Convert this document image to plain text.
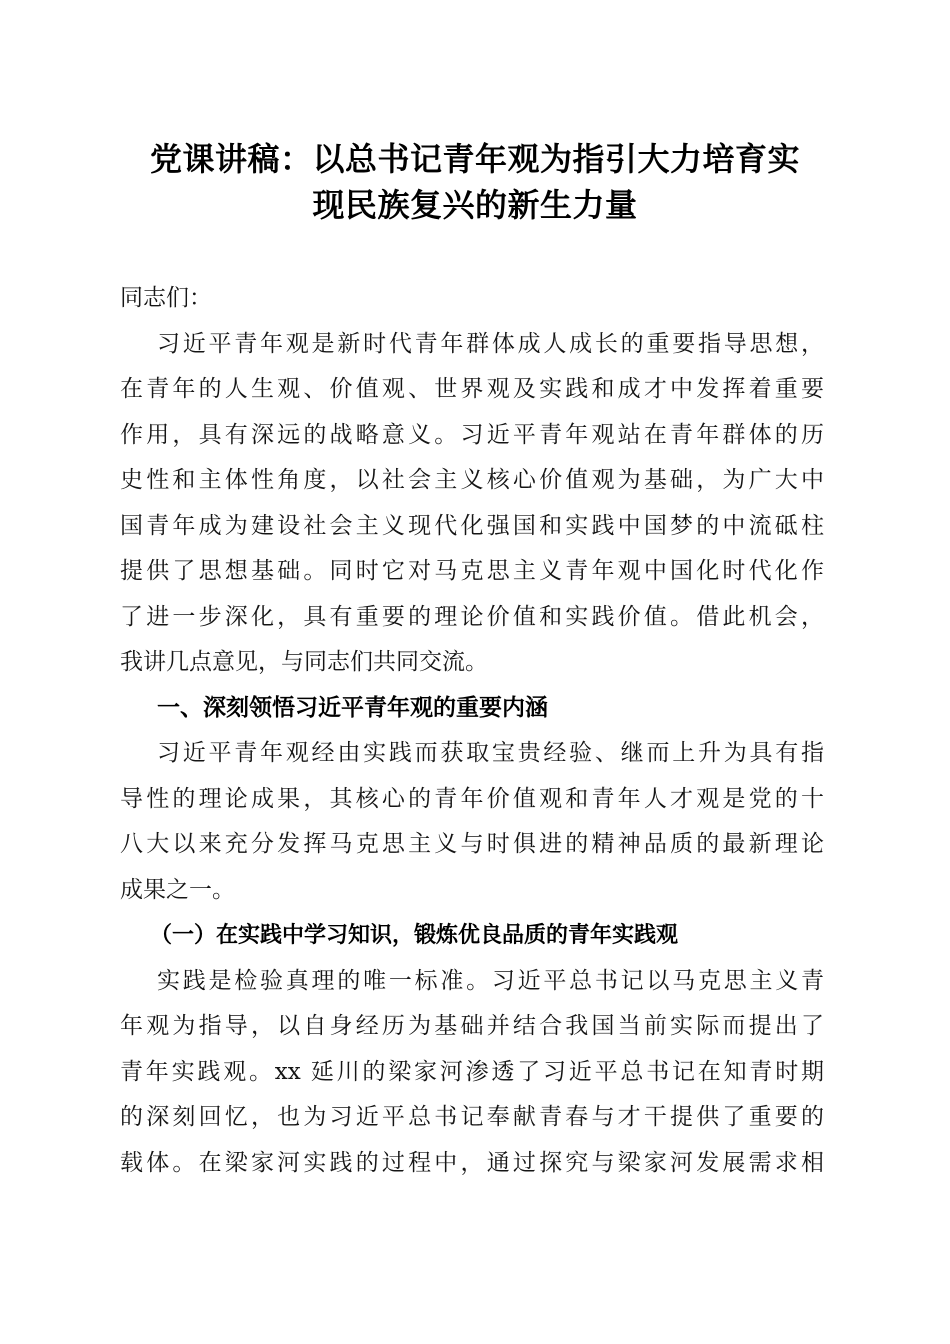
党课讲稿：以总书记青年观为指引大力培育实
现民族复兴的新生力量
同志们：
习近平青年观是新时代青年群体成人成长的重要指导思想，
在青年的人生观、价值观、世界观及实践和成才中发挥着重要
作用，具有深远的战略意义。习近平青年观站在青年群体的历
史性和主体性角度，以社会主义核心价值观为基础，为广大中
国青年成为建设社会主义现代化强国和实践中国梦的中流砥柱
提供了思想基础。同时它对马克思主义青年观中国化时代化作
了进一步深化，具有重要的理论价值和实践价值。借此机会，
我讲几点意见，与同志们共同交流。
一、深刻领悟习近平青年观的重要内涵
习近平青年观经由实践而获取宝贵经验、继而上升为具有指
导性的理论成果，其核心的青年价值观和青年人才观是党的十
八大以来充分发挥马克思主义与时俱进的精神品质的最新理论
成果之一。
（一）在实践中学习知识，锻炼优良品质的青年实践观
实践是检验真理的唯一标准。习近平总书记以马克思主义青
年观为指导，以自身经历为基础并结合我国当前实际而提出了
青年实践观。xx 延川的梁家河渗透了习近平总书记在知青时期
的深刻回忆，也为习近平总书记奉献青春与才干提供了重要的
载体。在梁家河实践的过程中，通过探究与梁家河发展需求相
